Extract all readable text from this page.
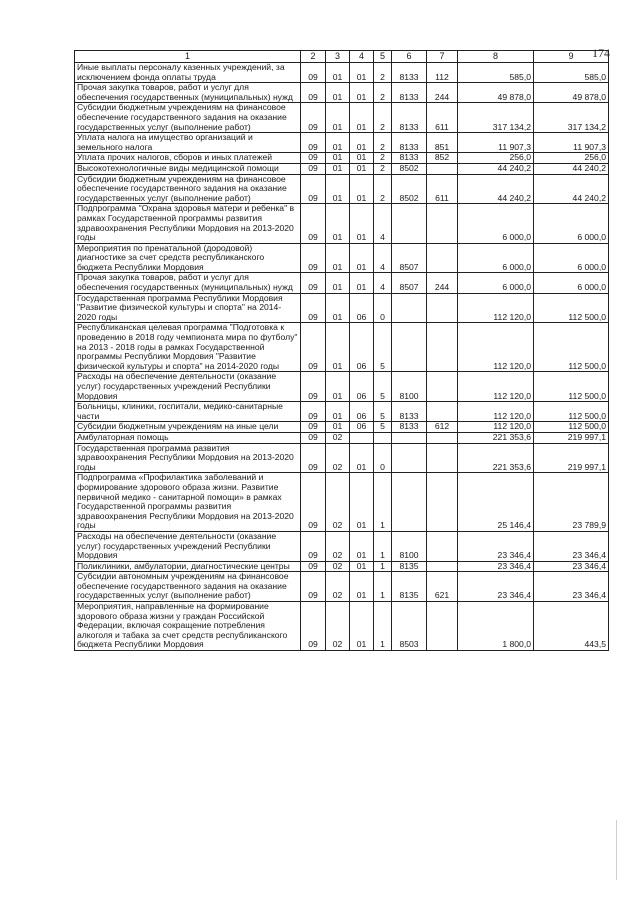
174
1	2	3	4	5	6	7	8	9
Иные выплаты персоналу казенных учреждений, за исключением фонда оплаты труда	09	01	01	2	8133	112	585,0	585,0
Прочая закупка товаров, работ и услуг для обеспечения государственных (муниципальных) нужд	09	01	01	2	8133	244	49 878,0	49 878,0
Субсидии бюджетным учреждениям на финансовое обеспечение государственного задания на оказание государственных услуг (выполнение работ)	09	01	01	2	8133	611	317 134,2	317 134,2
Уплата налога на имущество организаций и земельного налога	09	01	01	2	8133	851	11 907,3	11 907,3
Уплата прочих налогов, сборов и иных платежей	09	01	01	2	8133	852	256,0	256,0
Высокотехнологичные виды медицинской помощи	09	01	01	2	8502		44 240,2	44 240,2
Субсидии бюджетным учреждениям на финансовое обеспечение государственного задания на оказание государственных услуг (выполнение работ)	09	01	01	2	8502	611	44 240,2	44 240,2
Подпрограмма "Охрана здоровья матери и ребенка" в рамках Государственной программы развития здравоохранения Республики Мордовия на 2013-2020 годы	09	01	01	4			6 000,0	6 000,0
Мероприятия по пренатальной (дородовой) диагностике за счет средств республиканского бюджета Республики Мордовия	09	01	01	4	8507		6 000,0	6 000,0
Прочая закупка товаров, работ и услуг для обеспечения государственных (муниципальных) нужд	09	01	01	4	8507	244	6 000,0	6 000,0
Государственная программа Республики Мордовия "Развитие физической культуры и спорта" на 2014-2020 годы	09	01	06	0			112 120,0	112 500,0
Республиканская целевая программа "Подготовка к проведению в 2018 году чемпионата мира по футболу" на 2013 - 2018 годы в рамках Государственной программы Республики Мордовия "Развитие физической культуры и спорта" на 2014-2020 годы	09	01	06	5			112 120,0	112 500,0
Расходы на обеспечение деятельности (оказание услуг) государственных учреждений Республики Мордовия	09	01	06	5	8100		112 120,0	112 500,0
Больницы, клиники, госпитали, медико-санитарные части	09	01	06	5	8133		112 120,0	112 500,0
Субсидии бюджетным учреждениям на иные цели	09	01	06	5	8133	612	112 120,0	112 500,0
Амбулаторная помощь	09	02					221 353,6	219 997,1
Государственная программа развития здравоохранения Республики Мордовия на 2013-2020 годы	09	02	01	0			221 353,6	219 997,1
Подпрограмма «Профилактика заболеваний и формирование здорового образа жизни. Развитие первичной медико - санитарной помощи» в рамках Государственной программы развития здравоохранения Республики Мордовия на 2013-2020 годы	09	02	01	1			25 146,4	23 789,9
Расходы на обеспечение деятельности (оказание услуг) государственных учреждений Республики Мордовия	09	02	01	1	8100		23 346,4	23 346,4
Поликлиники, амбулатории, диагностические центры	09	02	01	1	8135		23 346,4	23 346,4
Субсидии автономным учреждениям на финансовое обеспечение государственного задания на оказание государственных услуг (выполнение работ)	09	02	01	1	8135	621	23 346,4	23 346,4
Мероприятия, направленные на формирование здорового образа жизни у граждан Российской Федерации, включая сокращение потребления алкоголя и табака за счет средств республиканского бюджета Республики Мордовия	09	02	01	1	8503		1 800,0	443,5
